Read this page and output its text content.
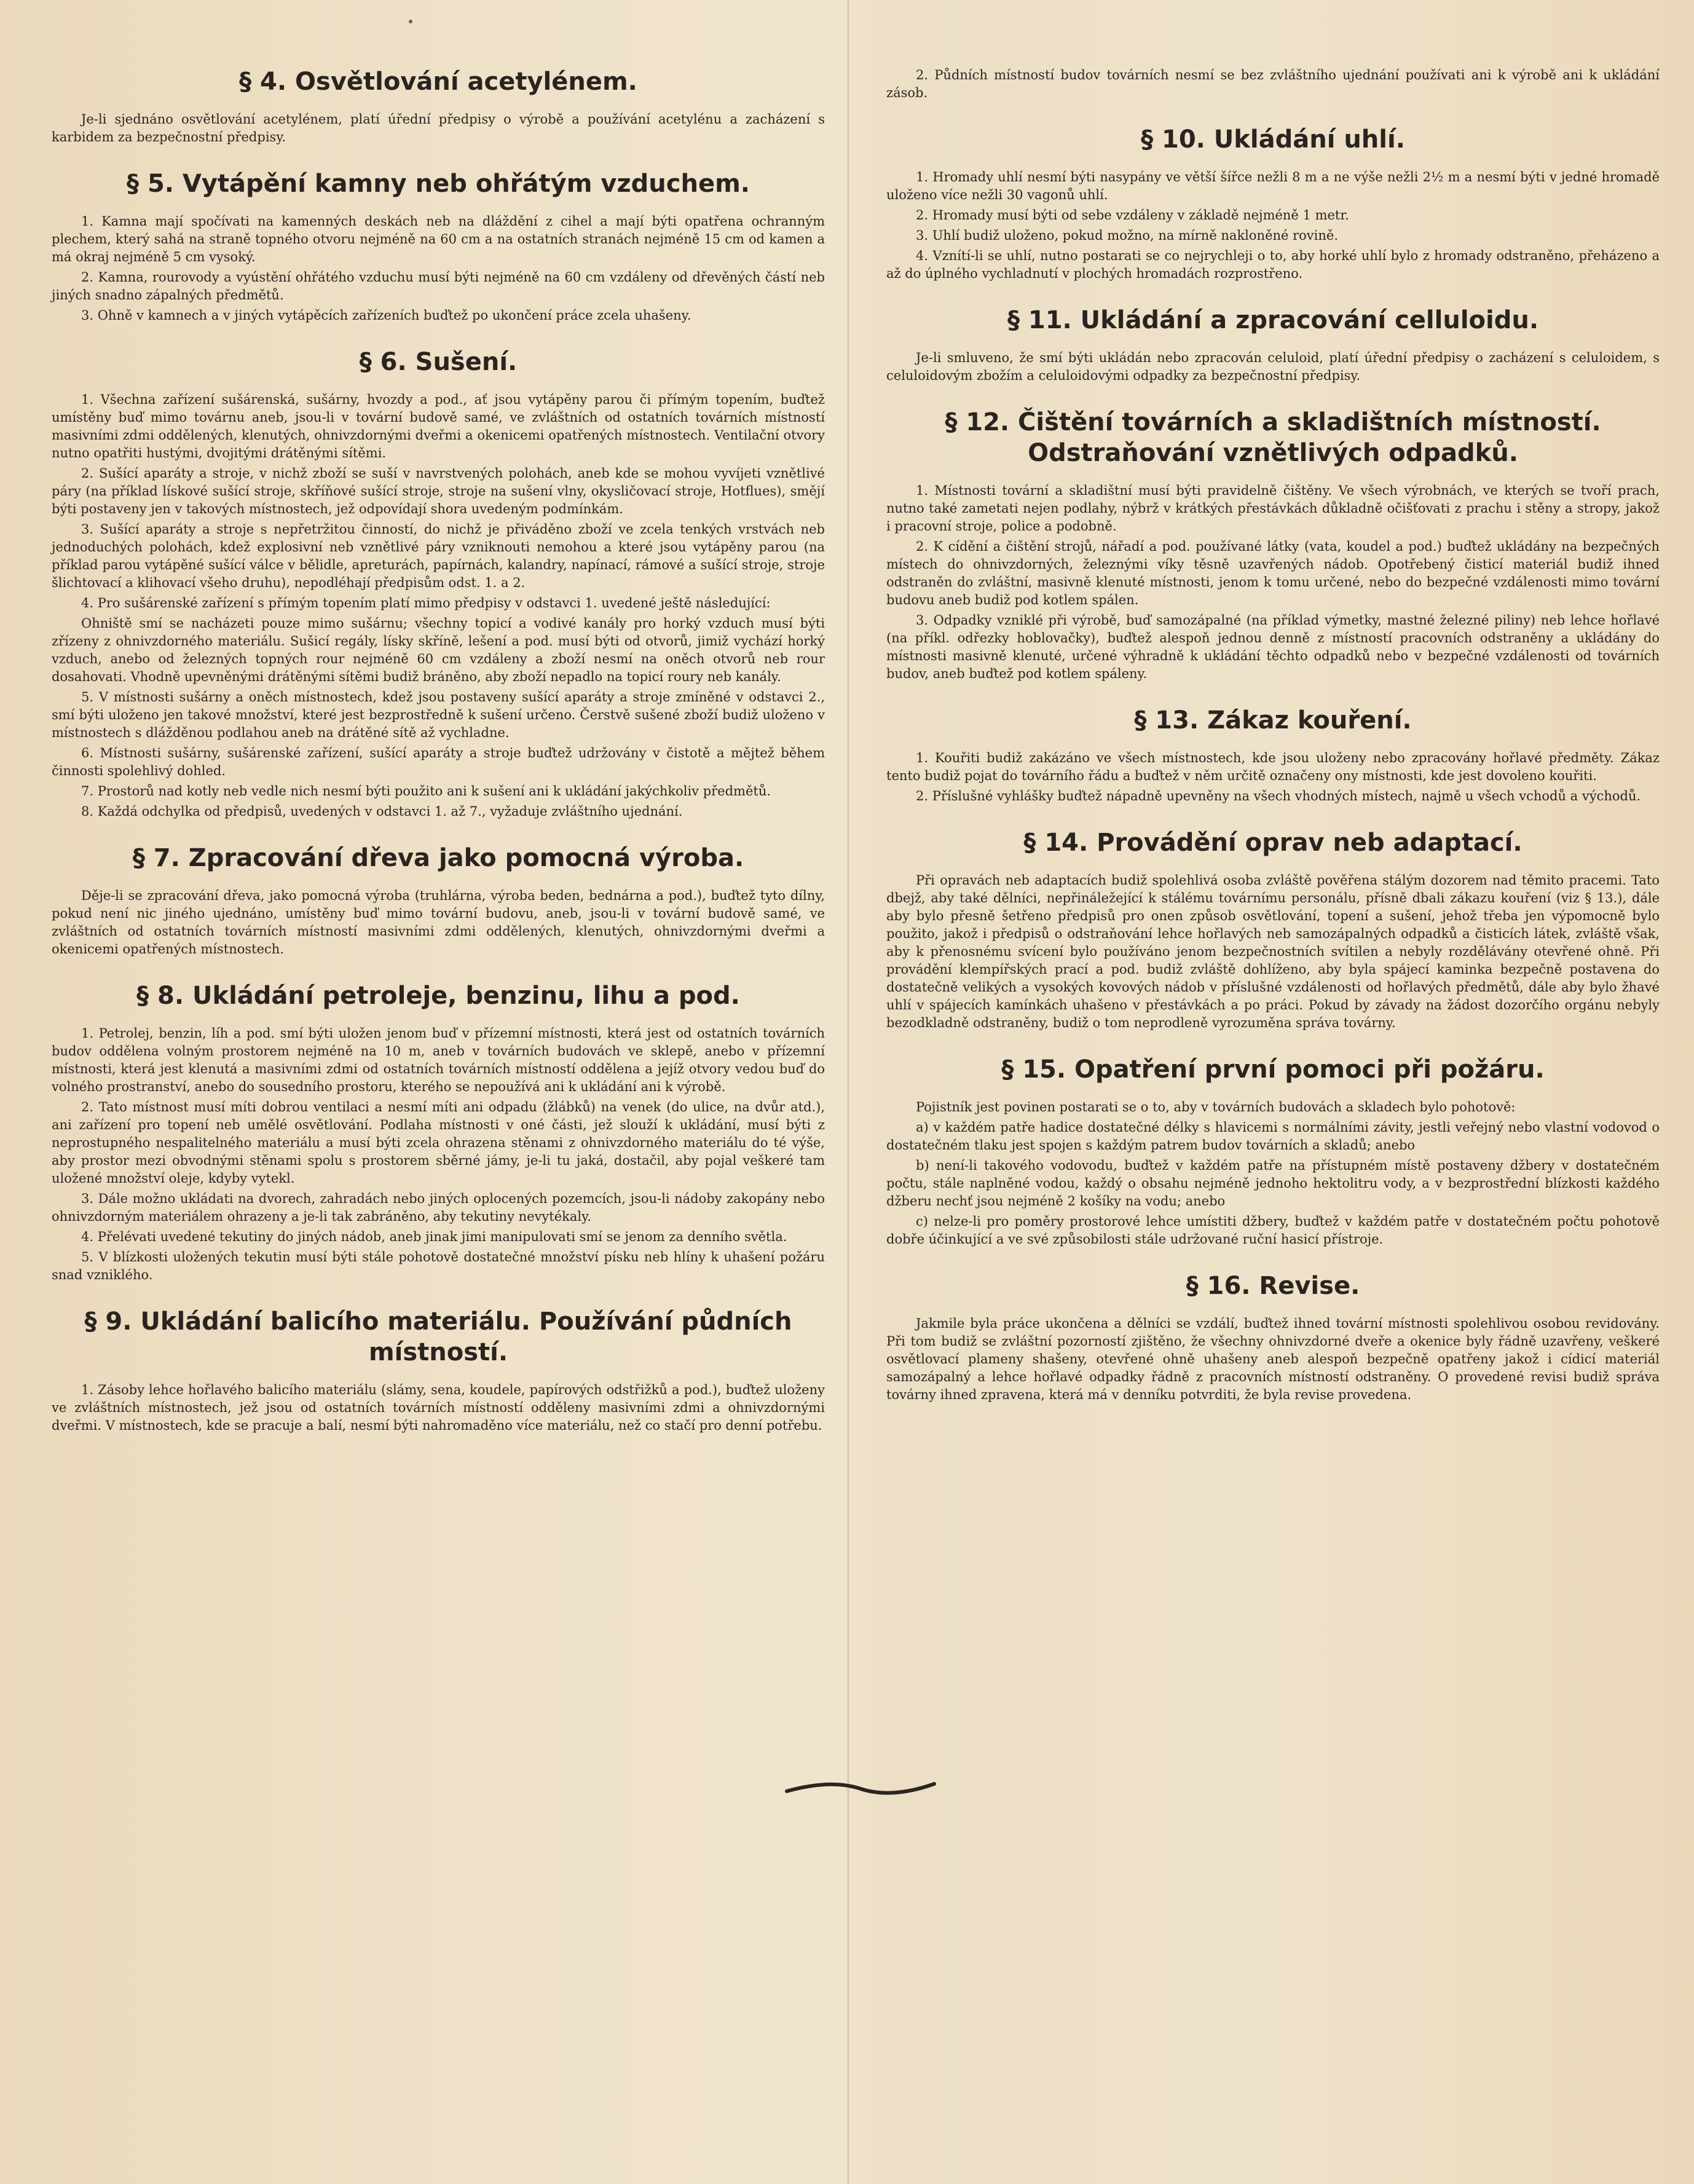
§ 4. Osvětlování acetylénem.

Je-li sjednáno osvětlování acetylénem, platí úřední předpisy o výrobě a používání acetylénu a zacházení s karbidem za bezpečnostní předpisy.

§ 5. Vytápění kamny neb ohřátým vzduchem.

1. Kamna mají spočívati na kamenných deskách neb na dláždění z cihel a mají býti opatřena ochranným plechem, který sahá na straně topného otvoru nejméně na 60 cm a na ostatních stranách nejméně 15 cm od kamen a má okraj nejméně 5 cm vysoký.

2. Kamna, rourovody a vyústění ohřátého vzduchu musí býti nejméně na 60 cm vzdáleny od dřevěných částí neb jiných snadno zápalných předmětů.

3. Ohně v kamnech a v jiných vytápěcích zařízeních buďtež po ukončení práce zcela uhašeny.

§ 6. Sušení.

1. Všechna zařízení sušárenská, sušárny, hvozdy a pod., ať jsou vytápěny parou či přímým topením, buďtež umístěny buď mimo továrnu aneb, jsou-li v tovární budově samé, ve zvláštních od ostatních továrních místností masivními zdmi oddělených, klenutých, ohnivzdornými dveřmi a okenicemi opatřených místnostech. Ventilační otvory nutno opatřiti hustými, dvojitými drátěnými sítěmi.

2. Sušící aparáty a stroje, v nichž zboží se suší v navrstvených polohách, aneb kde se mohou vyvíjeti vznětlivé páry (na příklad lískové sušící stroje, skříňové sušící stroje, stroje na sušení vlny, okysličovací stroje, Hotflues), smějí býti postaveny jen v takových místnostech, jež odpovídají shora uvedeným podmínkám.

3. Sušící aparáty a stroje s nepřetržitou činností, do nichž je přiváděno zboží ve zcela tenkých vrstvách neb jednoduchých polohách, kdež explosivní neb vznětlivé páry vzniknouti nemohou a které jsou vytápěny parou (na příklad parou vytápěné sušící válce v bělidle, apreturách, papírnách, kalandry, napínací, rámové a sušící stroje, stroje šlichtovací a klihovací všeho druhu), nepodléhají předpisům odst. 1. a 2.

4. Pro sušárenské zařízení s přímým topením platí mimo předpisy v odstavci 1. uvedené ještě následující:

Ohniště smí se nacházeti pouze mimo sušárnu; všechny topicí a vodivé kanály pro horký vzduch musí býti zřízeny z ohnivzdorného materiálu. Sušicí regály, lísky skříně, lešení a pod. musí býti od otvorů, jimiž vychází horký vzduch, anebo od železných topných rour nejméně 60 cm vzdáleny a zboží nesmí na oněch otvorů neb rour dosahovati. Vhodně upevněnými drátěnými sítěmi budiž bráněno, aby zboží nepadlo na topicí roury neb kanály.

5. V místnosti sušárny a oněch místnostech, kdež jsou postaveny sušící aparáty a stroje zmíněné v odstavci 2., smí býti uloženo jen takové množství, které jest bezprostředně k sušení určeno. Čerstvě sušené zboží budiž uloženo v místnostech s dlážděnou podlahou aneb na drátěné sítě až vychladne.

6. Místnosti sušárny, sušárenské zařízení, sušící aparáty a stroje buďtež udržovány v čistotě a mějtež během činnosti spolehlivý dohled.

7. Prostorů nad kotly neb vedle nich nesmí býti použito ani k sušení ani k ukládání jakýchkoliv předmětů.

8. Každá odchylka od předpisů, uvedených v odstavci 1. až 7., vyžaduje zvláštního ujednání.

§ 7. Zpracování dřeva jako pomocná výroba.

Děje-li se zpracování dřeva, jako pomocná výroba (truhlárna, výroba beden, bednárna a pod.), buďtež tyto dílny, pokud není nic jiného ujednáno, umístěny buď mimo tovární budovu, aneb, jsou-li v tovární budově samé, ve zvláštních od ostatních továrních místností masivními zdmi oddělených, klenutých, ohnivzdornými dveřmi a okenicemi opatřených místnostech.

§ 8. Ukládání petroleje, benzinu, lihu a pod.

1. Petrolej, benzin, líh a pod. smí býti uložen jenom buď v přízemní místnosti, která jest od ostatních továrních budov oddělena volným prostorem nejméně na 10 m, aneb v továrních budovách ve sklepě, anebo v přízemní místnosti, která jest klenutá a masivními zdmi od ostatních továrních místností oddělena a jejíž otvory vedou buď do volného prostranství, anebo do sousedního prostoru, kterého se nepoužívá ani k ukládání ani k výrobě.

2. Tato místnost musí míti dobrou ventilaci a nesmí míti ani odpadu (žlábků) na venek (do ulice, na dvůr atd.), ani zařízení pro topení neb umělé osvětlování. Podlaha místnosti v oné části, jež slouží k ukládání, musí býti z neprostupného nespalitelného materiálu a musí býti zcela ohrazena stěnami z ohnivzdorného materiálu do té výše, aby prostor mezi obvodnými stěnami spolu s prostorem sběrné jámy, je-li tu jaká, dostačil, aby pojal veškeré tam uložené množství oleje, kdyby vytekl.

3. Dále možno ukládati na dvorech, zahradách nebo jiných oplocených pozemcích, jsou-li nádoby zakopány nebo ohnivzdorným materiálem ohrazeny a je-li tak zabráněno, aby tekutiny nevytékaly.

4. Přelévati uvedené tekutiny do jiných nádob, aneb jinak jimi manipulovati smí se jenom za denního světla.

5. V blízkosti uložených tekutin musí býti stále pohotově dostatečné množství písku neb hlíny k uhašení požáru snad vzniklého.

§ 9. Ukládání balicího materiálu. Používání půdních místností.

1. Zásoby lehce hořlavého balicího materiálu (slámy, sena, koudele, papírových odstřižků a pod.), buďtež uloženy ve zvláštních místnostech, jež jsou od ostatních továrních místností odděleny masivními zdmi a ohnivzdornými dveřmi. V místnostech, kde se pracuje a balí, nesmí býti nahromaděno více materiálu, než co stačí pro denní potřebu.

2. Půdních místností budov továrních nesmí se bez zvláštního ujednání používati ani k výrobě ani k ukládání zásob.

§ 10. Ukládání uhlí.

1. Hromady uhlí nesmí býti nasypány ve větší šířce nežli 8 m a ne výše nežli 2½ m a nesmí býti v jedné hromadě uloženo více nežli 30 vagonů uhlí.

2. Hromady musí býti od sebe vzdáleny v základě nejméně 1 metr.

3. Uhlí budiž uloženo, pokud možno, na mírně nakloněné rovině.

4. Vznítí-li se uhlí, nutno postarati se co nejrychleji o to, aby horké uhlí bylo z hromady odstraněno, přeházeno a až do úplného vychladnutí v plochých hromadách rozprostřeno.

§ 11. Ukládání a zpracování celluloidu.

Je-li smluveno, že smí býti ukládán nebo zpracován celuloid, platí úřední předpisy o zacházení s celuloidem, s celuloidovým zbožím a celuloidovými odpadky za bezpečnostní předpisy.

§ 12. Čištění továrních a skladištních místností. Odstraňování vznětlivých odpadků.

1. Místnosti tovární a skladištní musí býti pravidelně čištěny. Ve všech výrobnách, ve kterých se tvoří prach, nutno také zametati nejen podlahy, nýbrž v krátkých přestávkách důkladně očišťovati z prachu i stěny a stropy, jakož i pracovní stroje, police a podobně.

2. K cídění a čištění strojů, nářadí a pod. používané látky (vata, koudel a pod.) buďtež ukládány na bezpečných místech do ohnivzdorných, železnými víky těsně uzavřených nádob. Opotřebený čisticí materiál budiž ihned odstraněn do zvláštní, masivně klenuté místnosti, jenom k tomu určené, nebo do bezpečné vzdálenosti mimo tovární budovu aneb budiž pod kotlem spálen.

3. Odpadky vzniklé při výrobě, buď samozápalné (na příklad výmetky, mastné železné piliny) neb lehce hořlavé (na příkl. odřezky hoblovačky), buďtež alespoň jednou denně z místností pracovních odstraněny a ukládány do místnosti masivně klenuté, určené výhradně k ukládání těchto odpadků nebo v bezpečné vzdálenosti od továrních budov, aneb buďtež pod kotlem spáleny.

§ 13. Zákaz kouření.

1. Kouřiti budiž zakázáno ve všech místnostech, kde jsou uloženy nebo zpracovány hořlavé předměty. Zákaz tento budiž pojat do továrního řádu a buďtež v něm určitě označeny ony místnosti, kde jest dovoleno kouřiti.

2. Příslušné vyhlášky buďtež nápadně upevněny na všech vhodných místech, najmě u všech vchodů a východů.

§ 14. Provádění oprav neb adaptací.

Při opravách neb adaptacích budiž spolehlivá osoba zvláště pověřena stálým dozorem nad těmito pracemi. Tato dbejž, aby také dělníci, nepřináležející k stálému továrnímu personálu, přísně dbali zákazu kouření (viz § 13.), dále aby bylo přesně šetřeno předpisů pro onen způsob osvětlování, topení a sušení, jehož třeba jen výpomocně bylo použito, jakož i předpisů o odstraňování lehce hořlavých neb samozápalných odpadků a čisticích látek, zvláště však, aby k přenosnému svícení bylo používáno jenom bezpečnostních svítilen a nebyly rozdělávány otevřené ohně. Při provádění klempířských prací a pod. budiž zvláště dohlíženo, aby byla spájecí kaminka bezpečně postavena do dostatečně velikých a vysokých kovových nádob v příslušné vzdálenosti od hořlavých předmětů, dále aby bylo žhavé uhlí v spájecích kamínkách uhašeno v přestávkách a po práci. Pokud by závady na žádost dozorčího orgánu nebyly bezodkladně odstraněny, budiž o tom neprodleně vyrozuměna správa továrny.

§ 15. Opatření první pomoci při požáru.

Pojistník jest povinen postarati se o to, aby v továrních budovách a skladech bylo pohotově:

a) v každém patře hadice dostatečné délky s hlavicemi s normálními závity, jestli veřejný nebo vlastní vodovod o dostatečném tlaku jest spojen s každým patrem budov továrních a skladů; anebo

b) není-li takového vodovodu, buďtež v každém patře na přístupném místě postaveny džbery v dostatečném počtu, stále naplněné vodou, každý o obsahu nejméně jednoho hektolitru vody, a v bezprostřední blízkosti každého džberu nechť jsou nejméně 2 košíky na vodu; anebo

c) nelze-li pro poměry prostorové lehce umístiti džbery, buďtež v každém patře v dostatečném počtu pohotově dobře účinkující a ve své způsobilosti stále udržované ruční hasicí přístroje.

§ 16. Revise.

Jakmile byla práce ukončena a dělníci se vzdálí, buďtež ihned tovární místnosti spolehlivou osobou revidovány. Při tom budiž se zvláštní pozorností zjištěno, že všechny ohnivzdorné dveře a okenice byly řádně uzavřeny, veškeré osvětlovací plameny shašeny, otevřené ohně uhašeny aneb alespoň bezpečně opatřeny jakož i cídicí materiál samozápalný a lehce hořlavé odpadky řádně z pracovních místností odstraněny. O provedené revisi budiž správa továrny ihned zpravena, která má v denníku potvrditi, že byla revise provedena.
